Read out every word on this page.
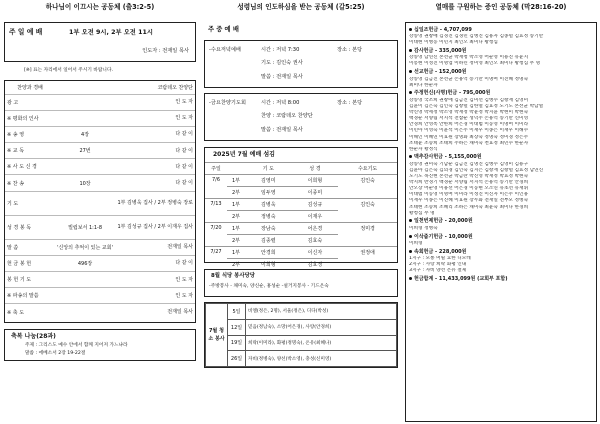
하나님이 이끄시는 공동체 (출3:2-5)
주 일 예 배	1부 오전 9시, 2부 오전 11시
인도자 : 전재일 목사
[※] 표는 자리에서 일어서 주시기 바랍니다.
찬양과 경배		코람데오 찬양단
광 고		인 도 자
※ 평화의 인사		인 도 자
※ 송 영	4장	다 같 이
※ 교 독	27번	다 같 이
※ 사 도 신 경		다 같 이
※ 찬 송	10장	다 같 이
기 도		1부 김병욱 집사 / 2부 정병숙 장로
성 경 봉 독	빌립보서 1:1-8	1부 김성규 집사 / 2부 이재우 집사
말 씀	'신앙의 추억이 있는 교회'	전재일 목사
헌 금 봉 헌	496장	다 같 이
봉 헌 기 도		인 도 자
※ 파송의 말씀		인 도 자
※ 축 도		전재일 목사
축복 나눔(28과)
주제 : 그리스도 예수 안에서 함께 지어져 가느냐라
말씀 : 에베소서 2장 19-22절
성령님의 인도하심을 받는 공동체 (갈5:25)
주 중 예 배
-수요저녁예배	시간 : 저녁 7:30	장소 : 본당
기도 : 김인숙 권사
말씀 : 전재일 목사
-금요찬양기도회	시간 : 저녁 8:00	장소 : 본당
찬양 : 코람데오 찬양단
말씀 : 전재일 목사
2025년 7월 예배 섬김
주일		기 도	성 경	수요기도
7/6	1부	김영미	이희형	김인숙
	2부	임두영	이종미	
7/13	1부	김병욱	김성규	김인숙
	2부	정병숙	이재우	
7/20	1부	장남숙	어은경	정미경
	2부	김종렬	김효숙	
7/27	1부	안경희	이신자	권정애
	2부	이희형	김효정	
8월 식당 봉사당당
-주방봉사 - 채미숙, 양신순, 홍성순 -설거지봉사 - 기드온숙
7월 청소 봉사	5일	비엘(정은, 2명), 서울(정은), 디다(박성)
	12일	믿음(정남숙), 소망(어은경), 사랑(안경희)
	19일	희락(이미라), 화평(정명숙), 온유(최혜나)
	26일	자비(정병숙), 양선(박소영), 충성(신미영)
열매를 구원하는 증인 공동체 (막28:16-20)
십일조헌금 - 4,707,099
강송영 권창애 김경진 김경민 김병진 김용자 김종렬 김효정 송기만
이대현 이병동 이민지 최인오 최미나 황청심
감사헌금 - 335,000원
강송영 남연신 본선균 박재청 박소영 어순영 이용진 유윤지
이봉현 이성진 이명업 이하린 정미영 최인오 최미나 황청심 무 명
선교헌금 - 152,000원
강송영 김금진 본선균 손용억 송기만 이명여 이진혜 정명숙
최미나 한순자
주정헌신(사명)헌금 - 795,000원
강송영 국조희 권창애 김금진 김미선 김병수 김창재 김영미
김윤이 김은숙 김인숙 김창렬 김한열 김효정 노기도 본선균 박남열
박신영 박세정 박소영 박재정 박윤정 박지윤 박현미 박현숙
백경순 서양림 서지석 전참순 성덕주 손용억 송기만 신미영
안경희 안영옥 안한희 어은경 이대범 이동영 이명여 이미라
이민아 이영숙 이윤석 이은주 이재우 이종은 이재우 이해수
이해인 이혜연 이효원 장명화 최장숙 정명숙 정미경 정은주
조태윤 조승희 조태희 주하은 채미숙 천효정 최민수 한순자
한순자 황정식
맥추감사헌금 - 5,155,000원
강송영 권미숙 기남순 김금진 김명진 김병수 김영미 김용구
김윤아 김은숙 김의경 김인숙 김지은 김창재 김창렬 김효정 남연신
노기도 목진현 본선균 박금란 박신영 박재정 박효정 박현숙
박지희 반경기 백경순 서양림 서지석 손용억 송기만 안경희
안오장 어순영 이용선 어은경 이동현 오소연 유초선 유재휘
이대범 이동영 이명여 이미라 이성진 이신자 이은주 이인용
이재우 이종은 이진혜 이효원 장두화 전재일 전부모 정병숙
조태현 조승희 조혜리 조하은 채미숙 최윤숙 최미나 한경희
황청심 무 명
일천번제헌금 - 20,000원
이희형 정병숙
이삭줍기헌금 - 10,000원
이희형
속회헌금 - 228,000원
1지구 : 모퉁 머릴 요한 디모데
2지구 : 사랑 희락 화평 인내
3지구 : 자비 양선 온유 절제
헌금합계 - 11,433,099원 (교회부 포함)
